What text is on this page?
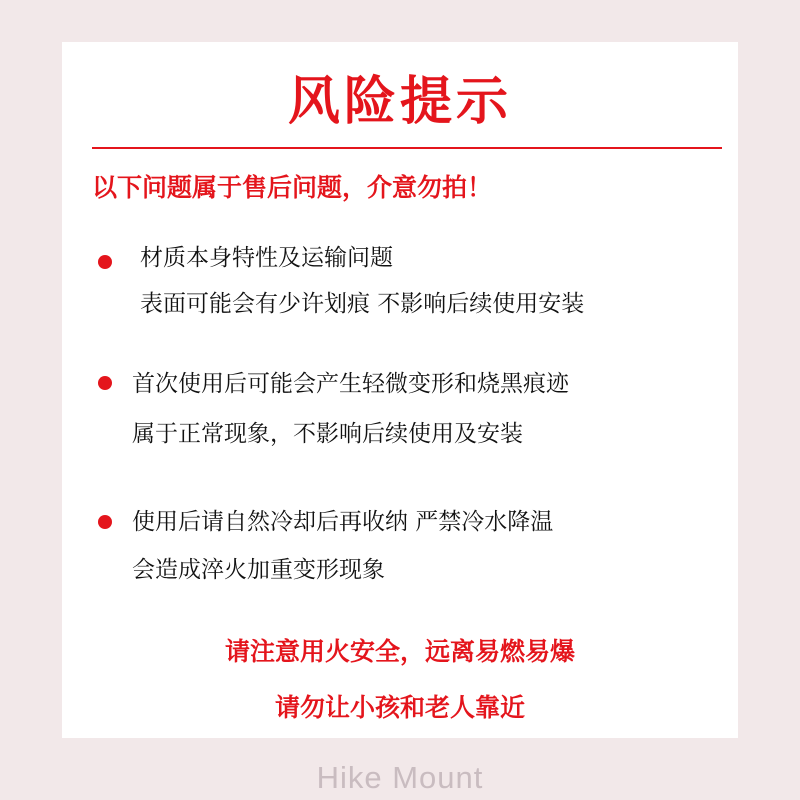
风险提示
以下问题属于售后问题，介意勿拍！
材质本身特性及运输问题
表面可能会有少许划痕 不影响后续使用安装
首次使用后可能会产生轻微变形和烧黑痕迹
属于正常现象，不影响后续使用及安装
使用后请自然冷却后再收纳 严禁冷水降温
会造成淬火加重变形现象
请注意用火安全，远离易燃易爆
请勿让小孩和老人靠近
Hike Mount
